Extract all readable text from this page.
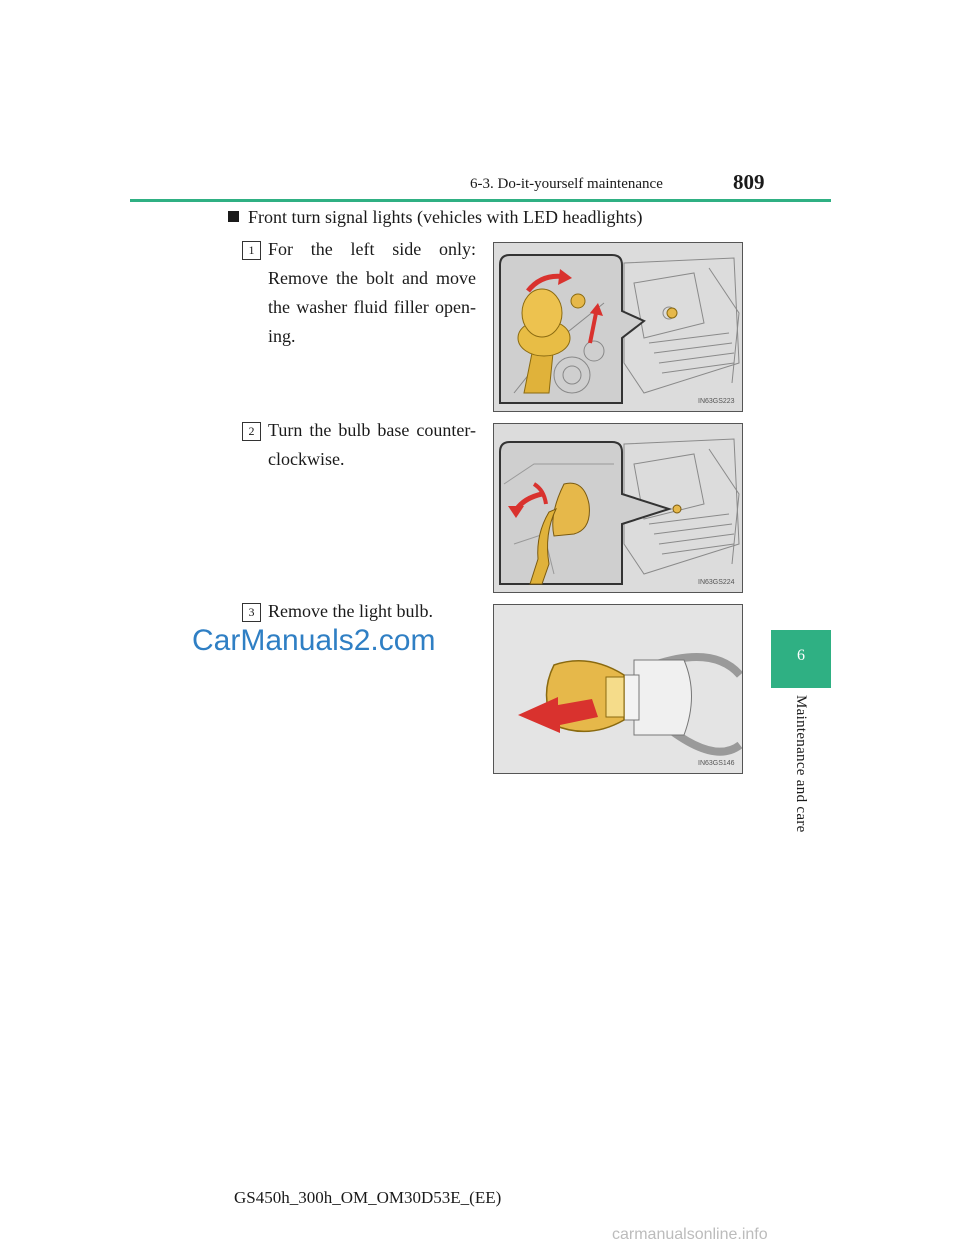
6-3. Do-it-yourself maintenance	809
6
Maintenance and care
Front turn signal lights (vehicles with LED headlights)
1 For the left side only: Remove the bolt and move the washer fluid filler open-ing.
IN63GS223
2 Turn the bulb base counter-clockwise.
IN63GS224
3 Remove the light bulb.
IN63GS146
CarManuals2.com
GS450h_300h_OM_OM30D53E_(EE)
carmanualsonline.info
